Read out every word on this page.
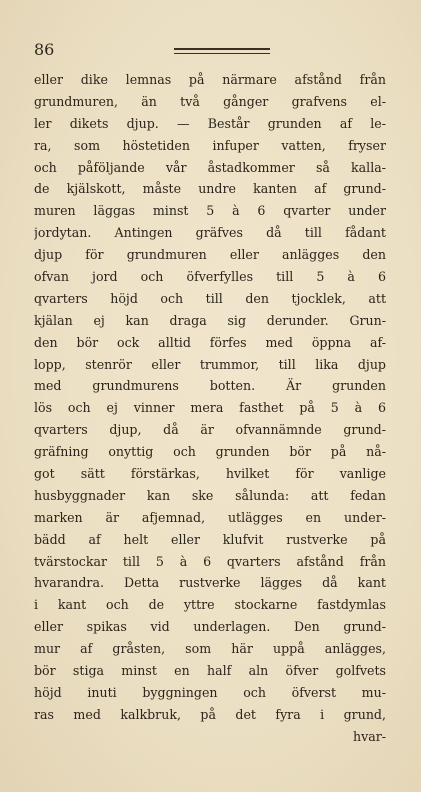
86
eller dike lemnas på närmare afstånd från
grundmuren, än två gånger grafvens el-
ler dikets djup. — Består grunden af le-
ra, som höstetiden infuper vatten, fryser
och påföljande vår åstadkommer så kalla-
de kjälskott, måste undre kanten af grund-
muren läggas minst 5 à 6 qvarter under
jordytan. Antingen gräfves då till fådant
djup för grundmuren eller anlägges den
ofvan jord och öfverfylles till 5 à 6
qvarters höjd och till den tjocklek, att
kjälan ej kan draga sig derunder. Grun-
den bör ock alltid förfes med öppna af-
lopp, stenrör eller trummor, till lika djup
med grundmurens botten. Är grunden
lös och ej vinner mera fasthet på 5 à 6
qvarters djup, då är ofvannämnde grund-
gräfning onyttig och grunden bör på nå-
got sätt förstärkas, hvilket för vanlige
husbyggnader kan ske sålunda: att fedan
marken är afjemnad, utlägges en under-
bädd af helt eller klufvit rustverke på
tvärstockar till 5 à 6 qvarters afstånd från
hvarandra. Detta rustverke lägges då kant
i kant och de yttre stockarne fastdymlas
eller spikas vid underlagen. Den grund-
mur af gråsten, som här uppå anlägges,
bör stiga minst en half aln öfver golfvets
höjd inuti byggningen och öfverst mu-
ras med kalkbruk, på det fyra i grund,
hvar-
